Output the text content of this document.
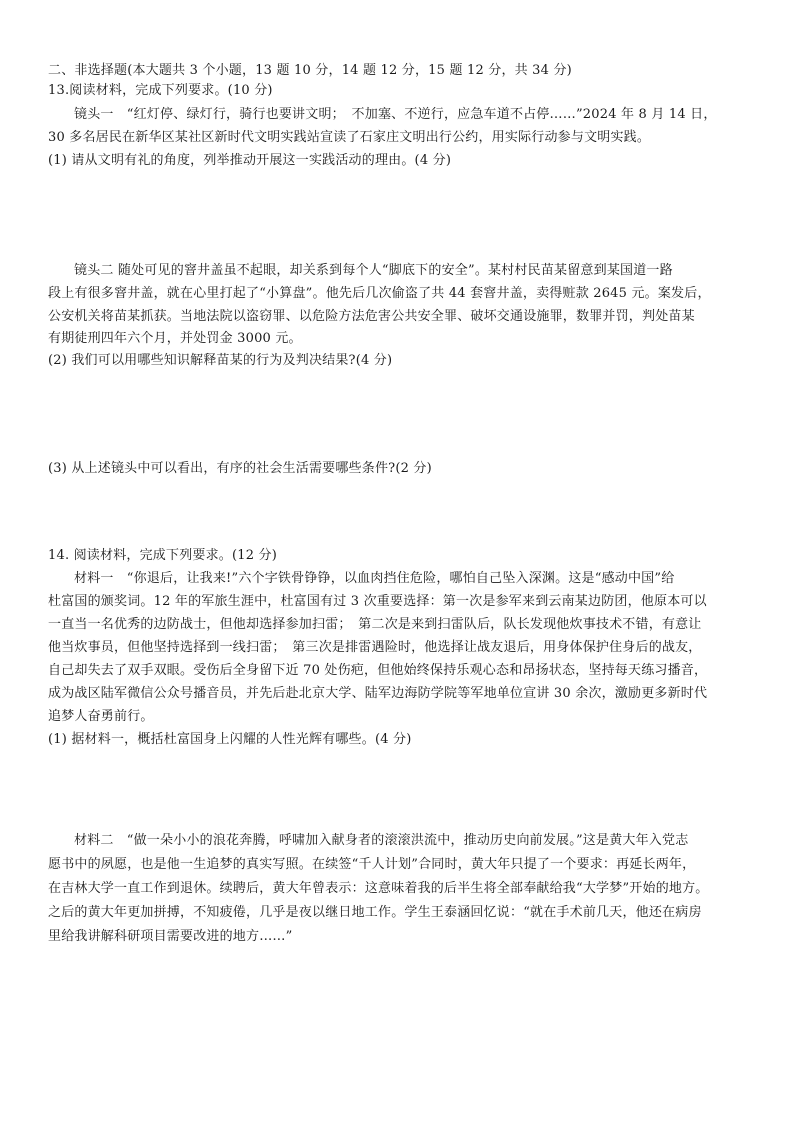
二、非选择题(本大题共 3 个小题，13 题 10 分，14 题 12 分，15 题 12 分，共 34 分)
13.阅读材料，完成下列要求。(10 分)
镜头一　“红灯停、绿灯行，骑行也要讲文明；　不加塞、不逆行，应急车道不占停……”2024 年 8 月 14 日，
30 多名居民在新华区某社区新时代文明实践站宣读了石家庄文明出行公约，用实际行动参与文明实践。
(1) 请从文明有礼的角度，列举推动开展这一实践活动的理由。(4 分)
镜头二 随处可见的窨井盖虽不起眼，却关系到每个人“脚底下的安全”。某村村民苗某留意到某国道一路
段上有很多窨井盖，就在心里打起了“小算盘”。他先后几次偷盗了共 44 套窨井盖，卖得赃款 2645 元。案发后，
公安机关将苗某抓获。当地法院以盗窃罪、以危险方法危害公共安全罪、破坏交通设施罪，数罪并罚，判处苗某
有期徒刑四年六个月，并处罚金 3000 元。
(2) 我们可以用哪些知识解释苗某的行为及判决结果?(4 分)
(3) 从上述镜头中可以看出，有序的社会生活需要哪些条件?(2 分)
14. 阅读材料，完成下列要求。(12 分)
材料一　“你退后，让我来!”六个字铁骨铮铮，以血肉挡住危险，哪怕自己坠入深渊。这是“感动中国”给
杜富国的颁奖词。12 年的军旅生涯中，杜富国有过 3 次重要选择：第一次是参军来到云南某边防团，他原本可以
一直当一名优秀的边防战士，但他却选择参加扫雷；　第二次是来到扫雷队后，队长发现他炊事技术不错，有意让
他当炊事员，但他坚持选择到一线扫雷；　第三次是排雷遇险时，他选择让战友退后，用身体保护住身后的战友，
自己却失去了双手双眼。受伤后全身留下近 70 处伤疤，但他始终保持乐观心态和昂扬状态，坚持每天练习播音，
成为战区陆军微信公众号播音员，并先后赴北京大学、陆军边海防学院等军地单位宣讲 30 余次，激励更多新时代
追梦人奋勇前行。
(1) 据材料一，概括杜富国身上闪耀的人性光辉有哪些。(4 分)
材料二　“做一朵小小的浪花奔腾，呼啸加入献身者的滚滚洪流中，推动历史向前发展。”这是黄大年入党志
愿书中的夙愿，也是他一生追梦的真实写照。在续签“千人计划”合同时，黄大年只提了一个要求：再延长两年，
在吉林大学一直工作到退休。续聘后，黄大年曾表示：这意味着我的后半生将全部奉献给我“大学梦”开始的地方。
之后的黄大年更加拼搏，不知疲倦，几乎是夜以继日地工作。学生王泰涵回忆说：“就在手术前几天，他还在病房
里给我讲解科研项目需要改进的地方……”
